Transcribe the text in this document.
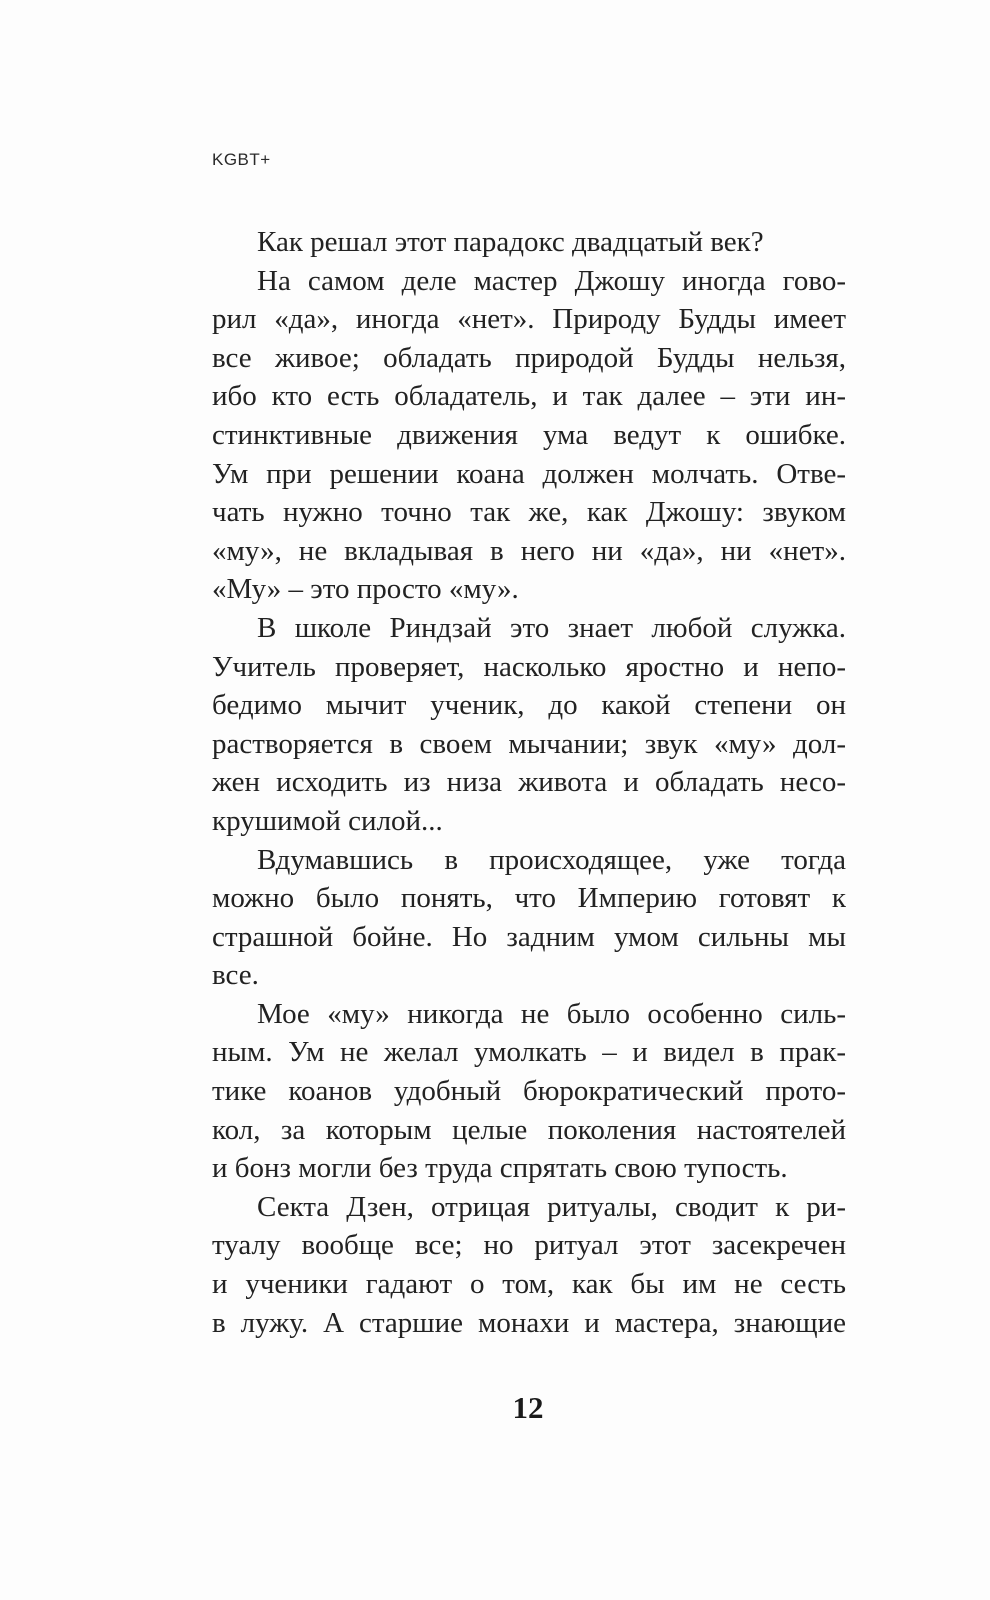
KGBT+

Как решал этот парадокс двадцатый век?

На самом деле мастер Джошу иногда гово-
рил «да», иногда «нет». Природу Будды имеет
все живое; обладать природой Будды нельзя,
ибо кто есть обладатель, и так далее – эти ин-
стинктивные движения ума ведут к ошибке.
Ум при решении коана должен молчать. Отве-
чать нужно точно так же, как Джошу: звуком
«му», не вкладывая в него ни «да», ни «нет».
«Му» – это просто «му».

В школе Риндзай это знает любой служка.
Учитель проверяет, насколько яростно и непо-
бедимо мычит ученик, до какой степени он
растворяется в своем мычании; звук «му» дол-
жен исходить из низа живота и обладать несо-
крушимой силой...

Вдумавшись в происходящее, уже тогда
можно было понять, что Империю готовят к
страшной бойне. Но задним умом сильны мы
все.

Мое «му» никогда не было особенно силь-
ным. Ум не желал умолкать – и видел в прак-
тике коанов удобный бюрократический прото-
кол, за которым целые поколения настоятелей
и бонз могли без труда спрятать свою тупость.

Секта Дзен, отрицая ритуалы, сводит к ри-
туалу вообще все; но ритуал этот засекречен
и ученики гадают о том, как бы им не сесть
в лужу. А старшие монахи и мастера, знающие

12
